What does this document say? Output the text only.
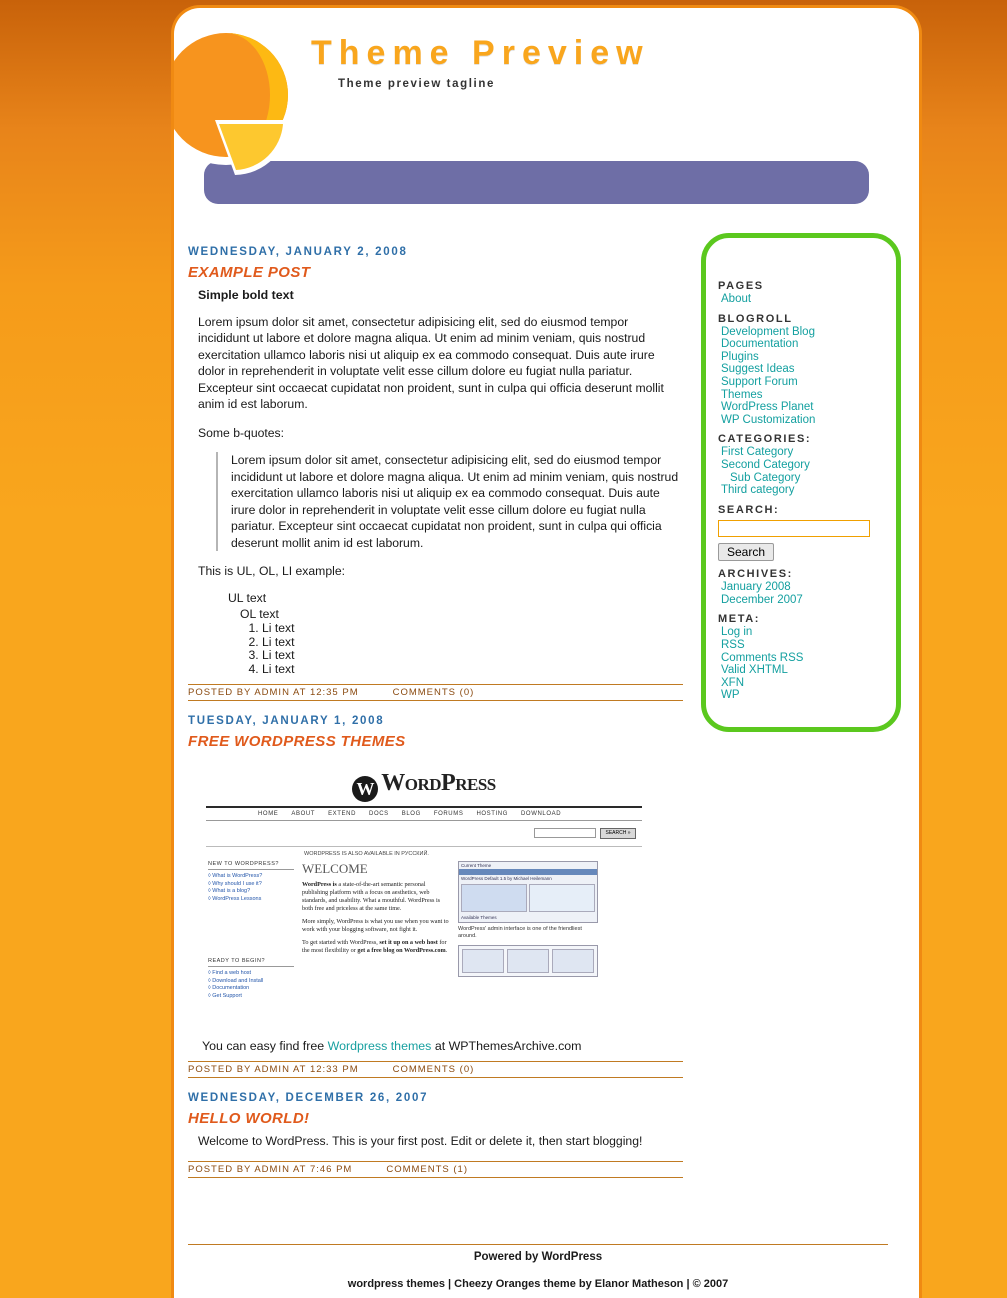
Theme Preview
Theme preview tagline
PAGES
About
BLOGROLL
Development Blog
Documentation
Plugins
Suggest Ideas
Support Forum
Themes
WordPress Planet
WP Customization
CATEGORIES:
First Category
Second Category
Sub Category
Third category
SEARCH:
Search
ARCHIVES:
January 2008
December 2007
META:
Log in
RSS
Comments RSS
Valid XHTML
XFN
WP
WEDNESDAY, JANUARY 2, 2008
EXAMPLE POST
Simple bold text

Lorem ipsum dolor sit amet, consectetur adipisicing elit, sed do eiusmod tempor incididunt ut labore et dolore magna aliqua. Ut enim ad minim veniam, quis nostrud exercitation ullamco laboris nisi ut aliquip ex ea commodo consequat. Duis aute irure dolor in reprehenderit in voluptate velit esse cillum dolore eu fugiat nulla pariatur. Excepteur sint occaecat cupidatat non proident, sunt in culpa qui officia deserunt mollit anim id est laborum.

Some b-quotes:

Lorem ipsum dolor sit amet, consectetur adipisicing elit, sed do eiusmod tempor incididunt ut labore et dolore magna aliqua. Ut enim ad minim veniam, quis nostrud exercitation ullamco laboris nisi ut aliquip ex ea commodo consequat. Duis aute irure dolor in reprehenderit in voluptate velit esse cillum dolore eu fugiat nulla pariatur. Excepteur sint occaecat cupidatat non proident, sunt in culpa qui officia deserunt mollit anim id est laborum.

This is UL, OL, LI example:

UL text
OL text
1. Li text
2. Li text
3. Li text
4. Li text
POSTED BY ADMIN AT 12:35 PM	COMMENTS (0)
TUESDAY, JANUARY 1, 2008
FREE WORDPRESS THEMES
W WordPress
HOME ABOUT EXTEND DOCS BLOG FORUMS HOSTING DOWNLOAD
SEARCH »
NEW TO WORDPRESS?
◊ What is WordPress?
◊ Why should I use it?
◊ What is a blog?
◊ WordPress Lessons
READY TO BEGIN?
◊ Find a web host
◊ Download and Install
◊ Documentation
◊ Get Support
WORDPRESS IS ALSO AVAILABLE IN РУССКИЙ.
WELCOME
WordPress is a state-of-the-art semantic personal publishing platform with a focus on aesthetics, web standards, and usability. What a mouthful. WordPress is both free and priceless at the same time.
More simply, WordPress is what you use when you want to work with your blogging software, not fight it.
To get started with WordPress, set it up on a web host for the most flexibility or get a free blog on WordPress.com.
Current Theme
WordPress Default 1.5 by Michael Heilemann
Available Themes
WordPress' admin interface is one of the friendliest around.
You can easy find free Wordpress themes at WPThemesArchive.com
POSTED BY ADMIN AT 12:33 PM	COMMENTS (0)
WEDNESDAY, DECEMBER 26, 2007
HELLO WORLD!

Welcome to WordPress. This is your first post. Edit or delete it, then start blogging!

POSTED BY ADMIN AT 7:46 PM	COMMENTS (1)
Powered by WordPress
wordpress themes | Cheezy Oranges theme by Elanor Matheson | © 2007
